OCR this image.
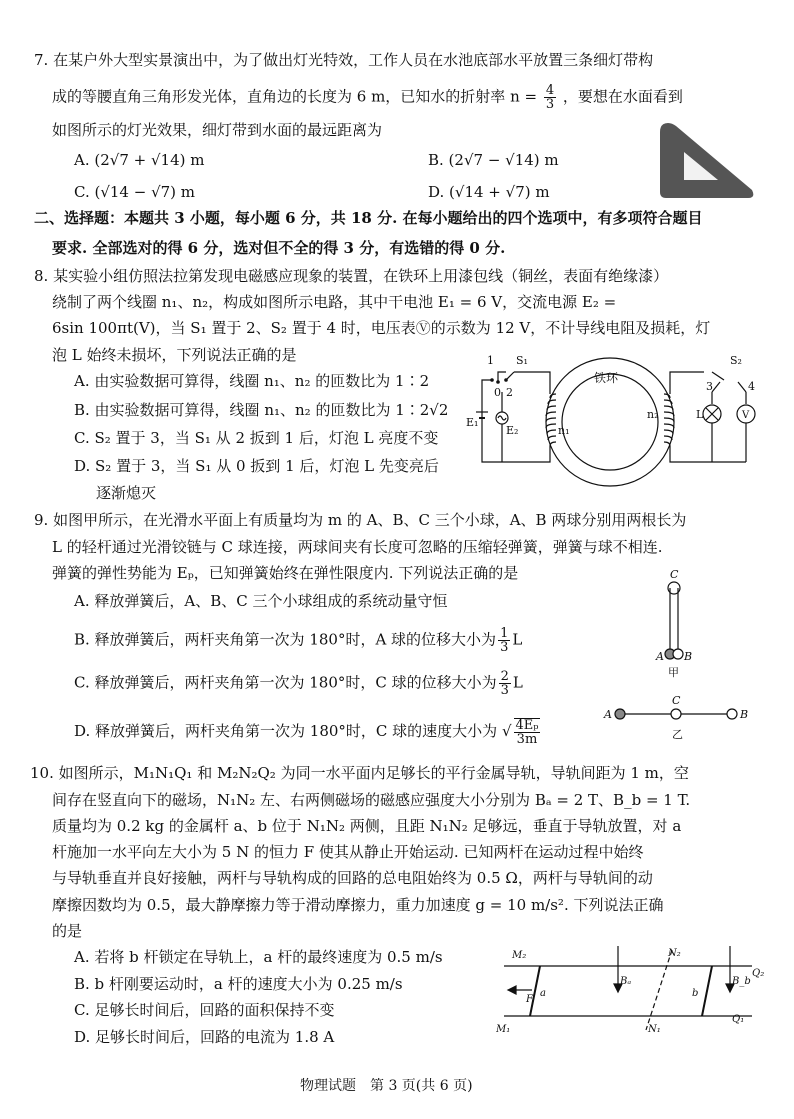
7. 在某户外大型实景演出中，为了做出灯光特效，工作人员在水池底部水平放置三条细灯带构
成的等腰直角三角形发光体，直角边的长度为 6 m，已知水的折射率 $n = \frac{4}{3}$ ，要想在水面看到
如图所示的灯光效果，细灯带到水面的最远距离为
A. (2√7 + √14) m	B. (2√7 − √14) m
C. (√14 − √7) m	D. (√14 + √7) m
二、选择题：本题共 3 小题，每小题 6 分，共 18 分. 在每小题给出的四个选项中，有多项符合题目
要求. 全部选对的得 6 分，选对但不全的得 3 分，有选错的得 0 分.
8. 某实验小组仿照法拉第发现电磁感应现象的装置，在铁环上用漆包线（铜丝，表面有绝缘漆）
绕制了两个线圈 n₁、n₂，构成如图所示电路，其中干电池 E₁ = 6 V，交流电源 E₂ =
6sin 100πt(V)，当 S₁ 置于 2、S₂ 置于 4 时，电压表Ⓥ的示数为 12 V，不计导线电阻及损耗，灯
泡 L 始终未损坏，下列说法正确的是
A. 由实验数据可算得，线圈 n₁、n₂ 的匝数比为 1∶2
B. 由实验数据可算得，线圈 n₁、n₂ 的匝数比为 1∶2√2
C. S₂ 置于 3，当 S₁ 从 2 扳到 1 后，灯泡 L 亮度不变
D. S₂ 置于 3，当 S₁ 从 0 扳到 1 后，灯泡 L 先变亮后
逐渐熄灭
1 S₁
0 2
E₁
E₂	n₁
n₂
铁环
S₂
3	4
L	V
9. 如图甲所示，在光滑水平面上有质量均为 m 的 A、B、C 三个小球，A、B 两球分别用两根长为
L 的轻杆通过光滑铰链与 C 球连接，两球间夹有长度可忽略的压缩轻弹簧，弹簧与球不相连.
弹簧的弹性势能为 Eₚ，已知弹簧始终在弹性限度内. 下列说法正确的是
A. 释放弹簧后，A、B、C 三个小球组成的系统动量守恒
B. 释放弹簧后，两杆夹角第一次为 180°时，A 球的位移大小为 $\frac{1}{3}$ L
C. 释放弹簧后，两杆夹角第一次为 180°时，C 球的位移大小为 $\frac{2}{3}$ L
D. 释放弹簧后，两杆夹角第一次为 180°时，C 球的速度大小为 √ $\frac{\text{4Eₚ}}{3m}$
C
A B
甲
A
C
B
乙
10. 如图所示，M₁N₁Q₁ 和 M₂N₂Q₂ 为同一水平面内足够长的平行金属导轨，导轨间距为 1 m，空
间存在竖直向下的磁场，N₁N₂ 左、右两侧磁场的磁感应强度大小分别为 Bₐ = 2 T、B_b = 1 T.
质量均为 0.2 kg 的金属杆 a、b 位于 N₁N₂ 两侧，且距 N₁N₂ 足够远，垂直于导轨放置，对 a
杆施加一水平向左大小为 5 N 的恒力 F 使其从静止开始运动. 已知两杆在运动过程中始终
与导轨垂直并良好接触，两杆与导轨构成的回路的总电阻始终为 0.5 Ω，两杆与导轨间的动
摩擦因数均为 0.5，最大静摩擦力等于滑动摩擦力，重力加速度 g = 10 m/s². 下列说法正确
的是
A. 若将 b 杆锁定在导轨上，a 杆的最终速度为 0.5 m/s
B. b 杆刚要运动时，a 杆的速度大小为 0.25 m/s
C. 足够长时间后，回路的面积保持不变
D. 足够长时间后，回路的电流为 1.8 A
M₂
M₁
N₂
N₁
Q₂
Q₁
Bₐ	B_b
F
a	b
物理试题　第 3 页(共 6 页)
